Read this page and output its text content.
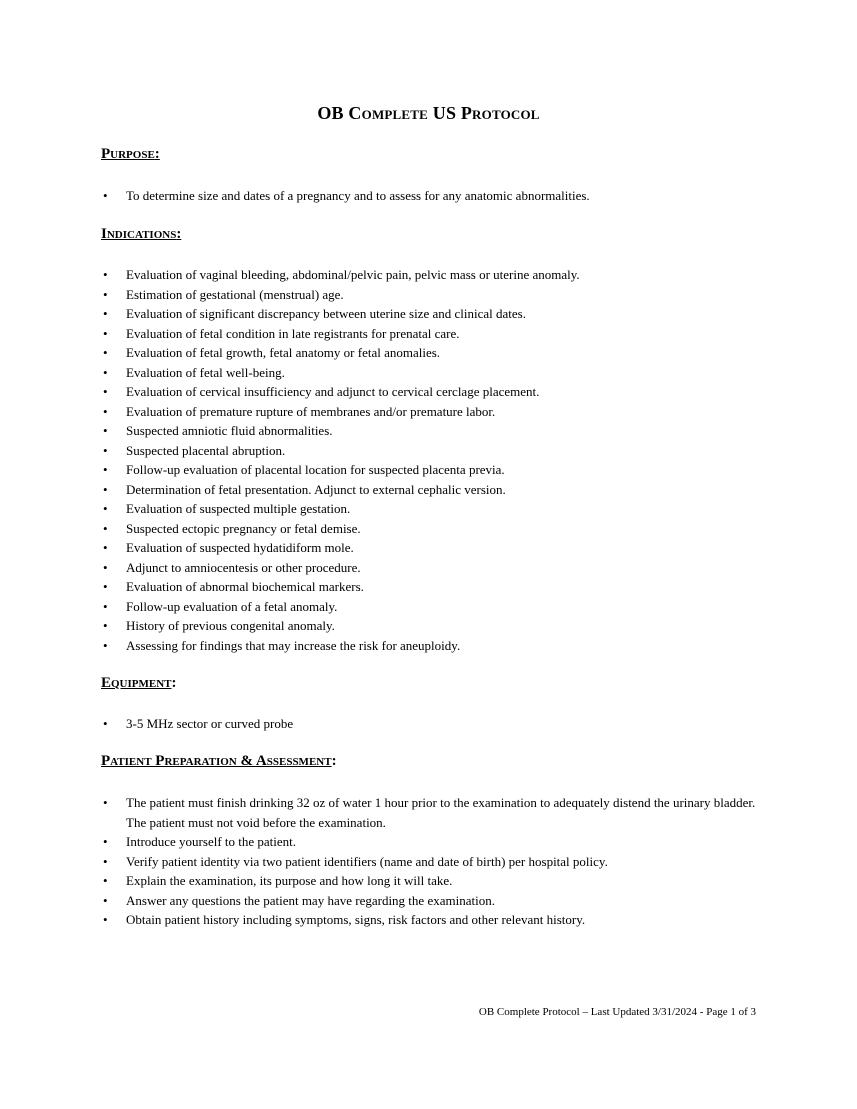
OB Complete US Protocol
Purpose:
• To determine size and dates of a pregnancy and to assess for any anatomic abnormalities.
Indications:
• Evaluation of vaginal bleeding, abdominal/pelvic pain, pelvic mass or uterine anomaly.
• Estimation of gestational (menstrual) age.
• Evaluation of significant discrepancy between uterine size and clinical dates.
• Evaluation of fetal condition in late registrants for prenatal care.
• Evaluation of fetal growth, fetal anatomy or fetal anomalies.
• Evaluation of fetal well-being.
• Evaluation of cervical insufficiency and adjunct to cervical cerclage placement.
• Evaluation of premature rupture of membranes and/or premature labor.
• Suspected amniotic fluid abnormalities.
• Suspected placental abruption.
• Follow-up evaluation of placental location for suspected placenta previa.
• Determination of fetal presentation. Adjunct to external cephalic version.
• Evaluation of suspected multiple gestation.
• Suspected ectopic pregnancy or fetal demise.
• Evaluation of suspected hydatidiform mole.
• Adjunct to amniocentesis or other procedure.
• Evaluation of abnormal biochemical markers.
• Follow-up evaluation of a fetal anomaly.
• History of previous congenital anomaly.
• Assessing for findings that may increase the risk for aneuploidy.
Equipment:
• 3-5 MHz sector or curved probe
Patient Preparation & Assessment:
• The patient must finish drinking 32 oz of water 1 hour prior to the examination to adequately distend the urinary bladder. The patient must not void before the examination.
• Introduce yourself to the patient.
• Verify patient identity via two patient identifiers (name and date of birth) per hospital policy.
• Explain the examination, its purpose and how long it will take.
• Answer any questions the patient may have regarding the examination.
• Obtain patient history including symptoms, signs, risk factors and other relevant history.
OB Complete Protocol – Last Updated 3/31/2024 - Page 1 of 3
